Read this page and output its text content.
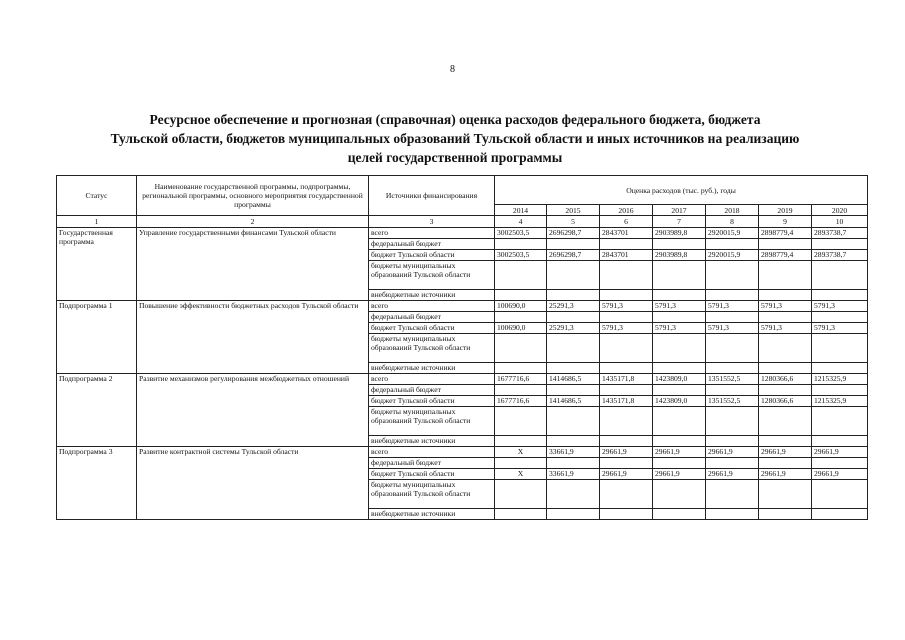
8
Ресурсное обеспечение и прогнозная (справочная) оценка расходов федерального бюджета, бюджета
Тульской области, бюджетов муниципальных образований Тульской области и иных источников на реализацию
целей государственной программы
Статус	Наименование государственной программы, подпрограммы, региональной программы, основного мероприятия государственной программы	Источники финансирования	Оценка расходов (тыс. руб.), годы						
			2014	2015	2016	2017	2018	2019	2020
1	2	3	4	5	6	7	8	9	10
Государственная программа	Управление государственными финансами Тульской области	всего	3002503,5	2696298,7	2843701	2903989,8	2920015,9	2898779,4	2893738,7
		федеральный бюджет							
		бюджет Тульской области	3002503,5	2696298,7	2843701	2903989,8	2920015,9	2898779,4	2893738,7
		бюджеты муниципальных образований Тульской области							
		внебюджетные источники							
Подпрограмма 1	Повышение эффективности бюджетных расходов Тульской области	всего	100690,0	25291,3	5791,3	5791,3	5791,3	5791,3	5791,3
		федеральный бюджет							
		бюджет Тульской области	100690,0	25291,3	5791,3	5791,3	5791,3	5791,3	5791,3
		бюджеты муниципальных образований Тульской области							
		внебюджетные источники							
Подпрограмма 2	Развитие механизмов регулирования межбюджетных отношений	всего	1677716,6	1414686,5	1435171,8	1423809,0	1351552,5	1280366,6	1215325,9
		федеральный бюджет							
		бюджет Тульской области	1677716,6	1414686,5	1435171,8	1423809,0	1351552,5	1280366,6	1215325,9
		бюджеты муниципальных образований Тульской области							
		внебюджетные источники							
Подпрограмма 3	Развитие контрактной системы Тульской области	всего	X	33661,9	29661,9	29661,9	29661,9	29661,9	29661,9
		федеральный бюджет							
		бюджет Тульской области	X	33661,9	29661,9	29661,9	29661,9	29661,9	29661,9
		бюджеты муниципальных образований Тульской области							
		внебюджетные источники							
